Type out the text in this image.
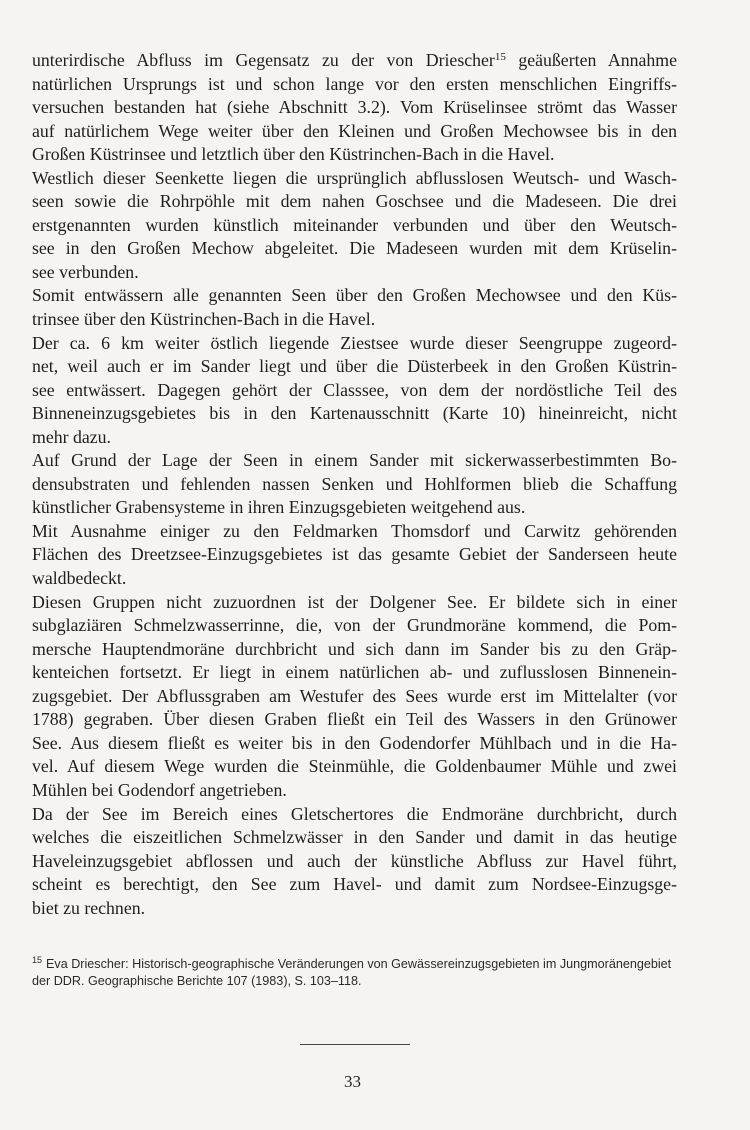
unterirdische Abfluss im Gegensatz zu der von Driescher$^{15}$ geäußerten Annahme
natürlichen Ursprungs ist und schon lange vor den ersten menschlichen Eingriffs-
versuchen bestanden hat (siehe Abschnitt 3.2). Vom Krüselinsee strömt das Wasser
auf natürlichem Wege weiter über den Kleinen und Großen Mechowsee bis in den
Großen Küstrinsee und letztlich über den Küstrinchen-Bach in die Havel.

Westlich dieser Seenkette liegen die ursprünglich abflusslosen Weutsch- und Wasch-
seen sowie die Rohrpöhle mit dem nahen Goschsee und die Madeseen. Die drei
erstgenannten wurden künstlich miteinander verbunden und über den Weutsch-
see in den Großen Mechow abgeleitet. Die Madeseen wurden mit dem Krüselin-
see verbunden.

Somit entwässern alle genannten Seen über den Großen Mechowsee und den Küs-
trinsee über den Küstrinchen-Bach in die Havel.

Der ca. 6 km weiter östlich liegende Ziestsee wurde dieser Seengruppe zugeord-
net, weil auch er im Sander liegt und über die Düsterbeek in den Großen Küstrin-
see entwässert. Dagegen gehört der Classsee, von dem der nordöstliche Teil des
Binneneinzugsgebietes bis in den Kartenausschnitt (Karte 10) hineinreicht, nicht
mehr dazu.

Auf Grund der Lage der Seen in einem Sander mit sickerwasserbestimmten Bo-
densubstraten und fehlenden nassen Senken und Hohlformen blieb die Schaffung
künstlicher Grabensysteme in ihren Einzugsgebieten weitgehend aus.

Mit Ausnahme einiger zu den Feldmarken Thomsdorf und Carwitz gehörenden
Flächen des Dreetzsee-Einzugsgebietes ist das gesamte Gebiet der Sanderseen heute
waldbedeckt.

Diesen Gruppen nicht zuzuordnen ist der Dolgener See. Er bildete sich in einer
subglaziären Schmelzwasserrinne, die, von der Grundmoräne kommend, die Pom-
mersche Hauptendmoräne durchbricht und sich dann im Sander bis zu den Gräp-
kenteichen fortsetzt. Er liegt in einem natürlichen ab- und zuflusslosen Binnenein-
zugsgebiet. Der Abflussgraben am Westufer des Sees wurde erst im Mittelalter (vor
1788) gegraben. Über diesen Graben fließt ein Teil des Wassers in den Grünower
See. Aus diesem fließt es weiter bis in den Godendorfer Mühlbach und in die Ha-
vel. Auf diesem Wege wurden die Steinmühle, die Goldenbaumer Mühle und zwei
Mühlen bei Godendorf angetrieben.

Da der See im Bereich eines Gletschertores die Endmoräne durchbricht, durch
welches die eiszeitlichen Schmelzwässer in den Sander und damit in das heutige
Haveleinzugsgebiet abflossen und auch der künstliche Abfluss zur Havel führt,
scheint es berechtigt, den See zum Havel- und damit zum Nordsee-Einzugsge-
biet zu rechnen.

$^{15}$ Eva Driescher: Historisch-geographische Veränderungen von Gewässereinzugsgebieten im Jungmoränengebiet
der DDR. Geographische Berichte 107 (1983), S. 103–118.
33
